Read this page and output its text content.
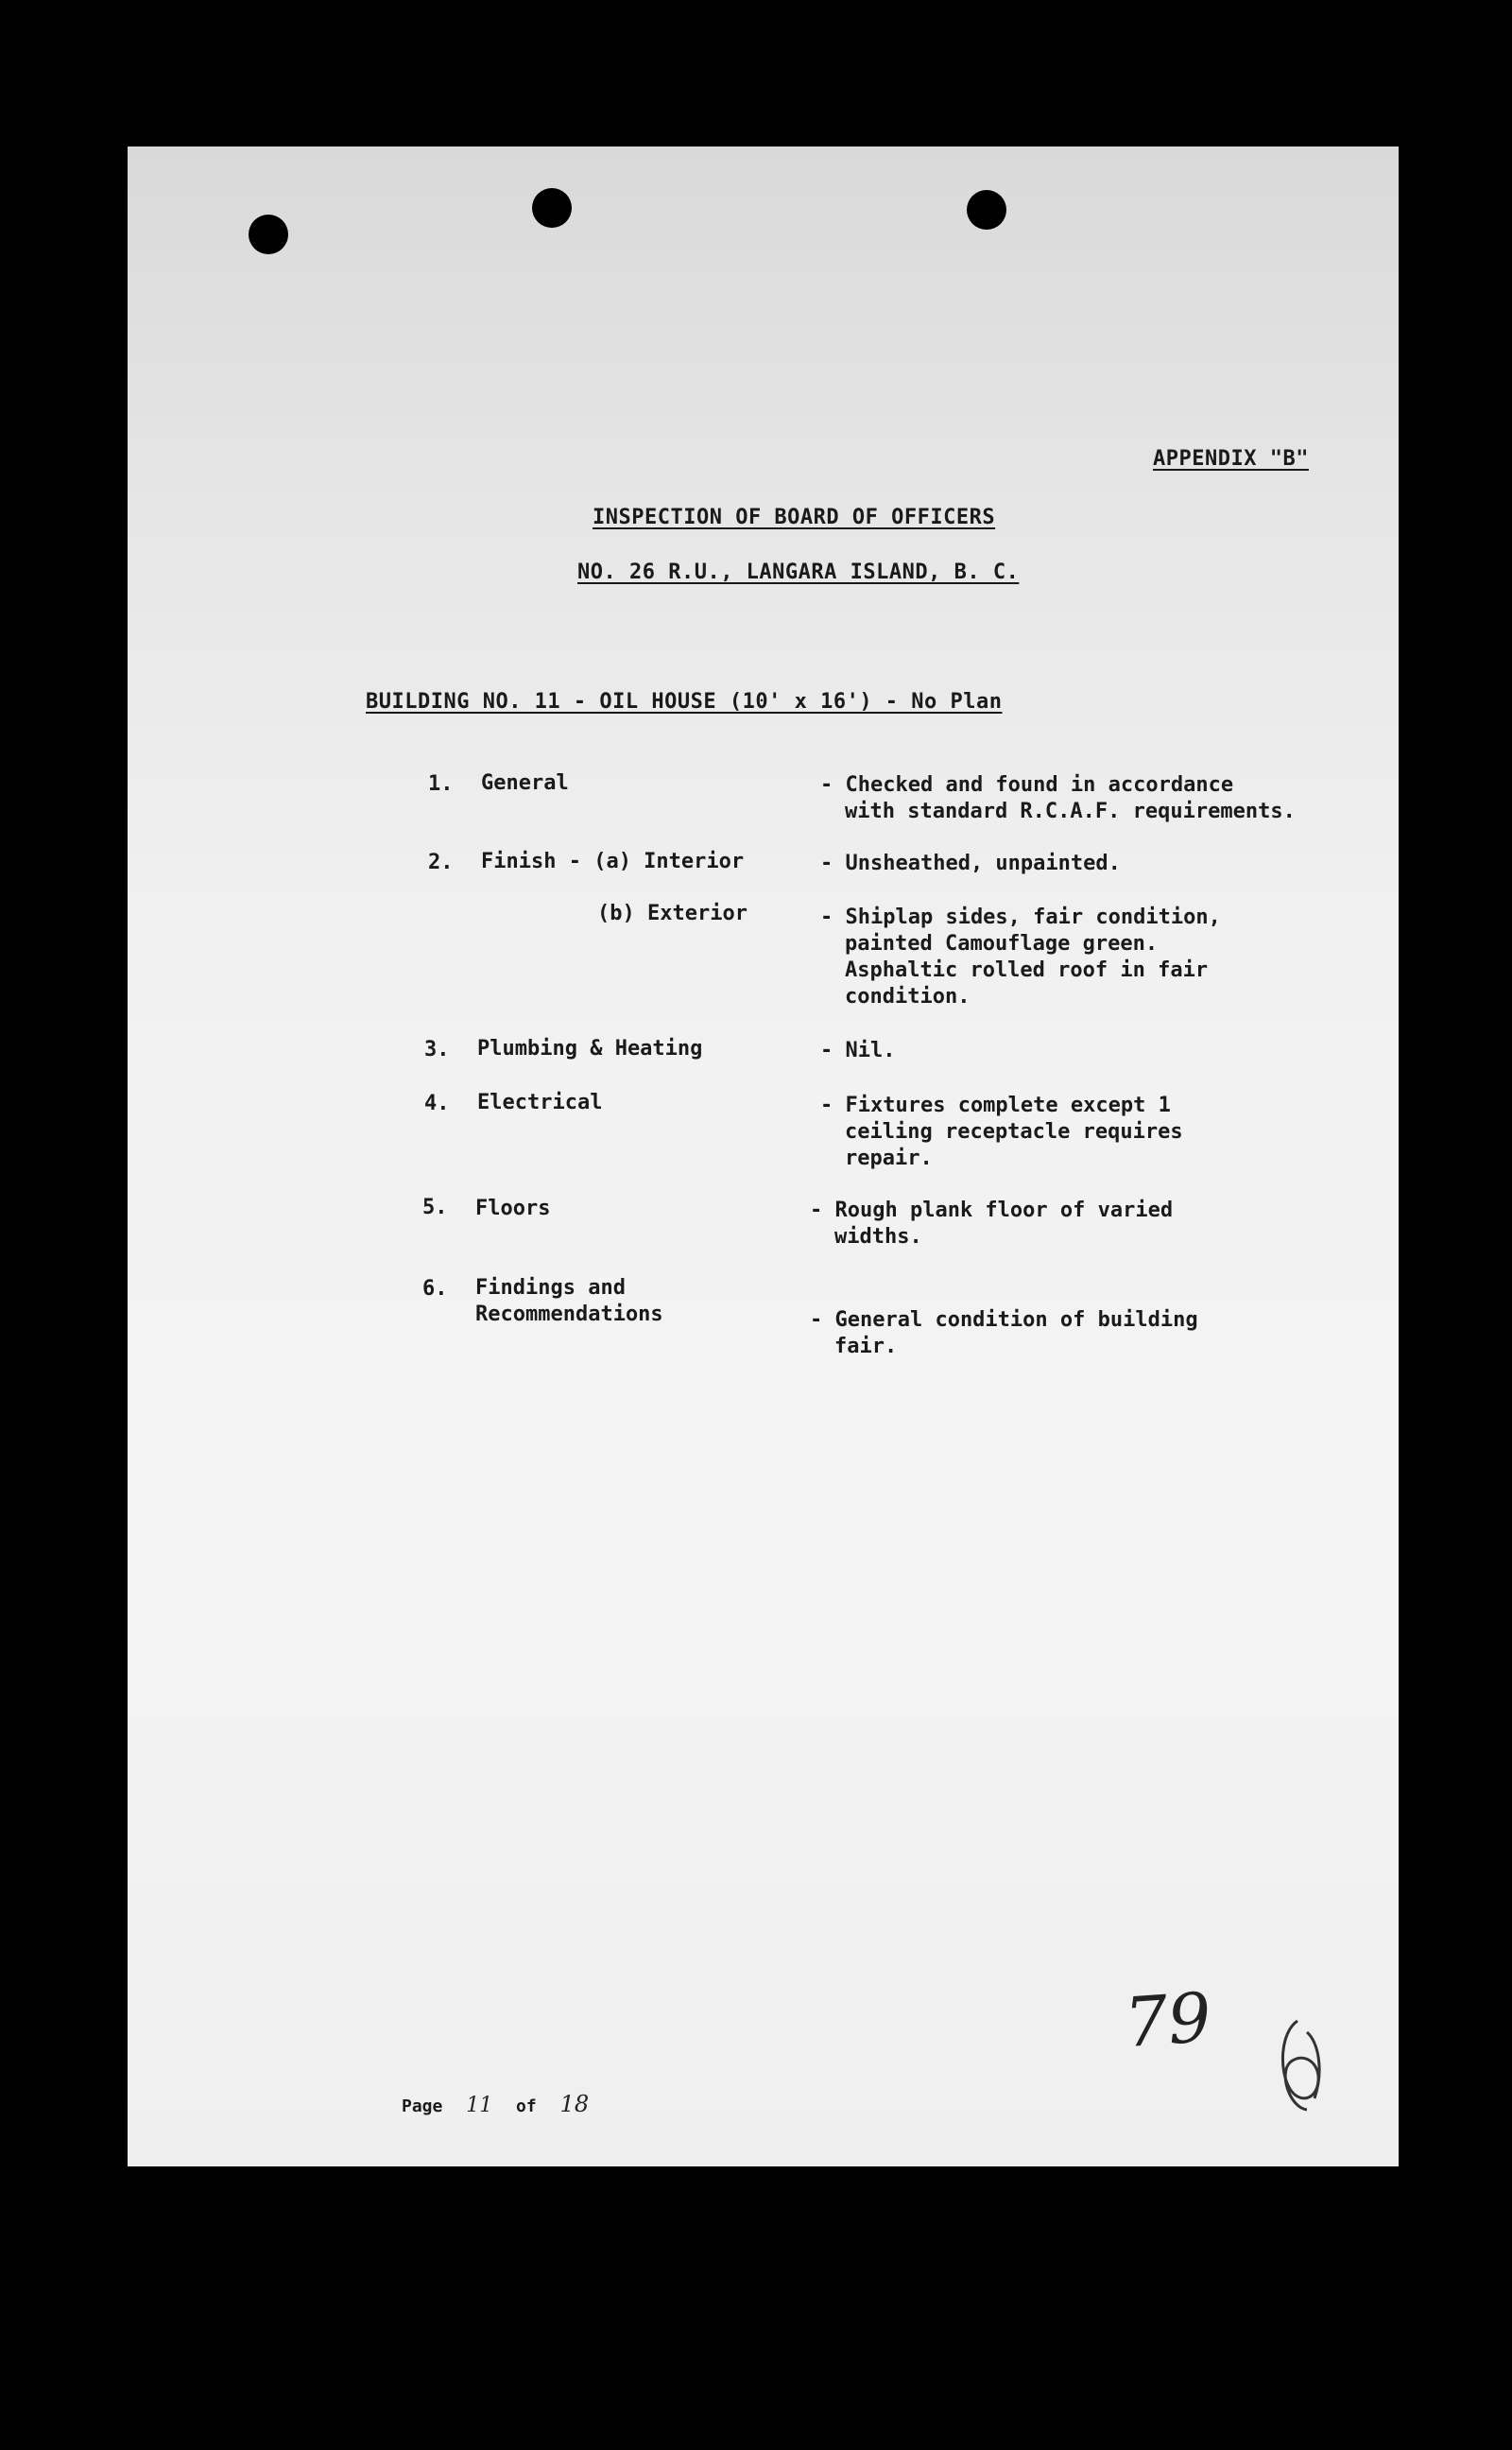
APPENDIX "B"
INSPECTION OF BOARD OF OFFICERS
NO. 26 R.U., LANGARA ISLAND, B. C.
BUILDING NO. 11 - OIL HOUSE (10' x 16') - No Plan
1. General	- Checked and found in accordance
with standard R.C.A.F. requirements.
2. Finish - (a) Interior	- Unsheathed, unpainted.
(b) Exterior	- Shiplap sides, fair condition,
painted Camouflage green.
Asphaltic rolled roof in fair
condition.
3. Plumbing & Heating	- Nil.
4. Electrical	- Fixtures complete except 1
ceiling receptacle requires
repair.
5. Floors	- Rough plank floor of varied
widths.
6. Findings and
Recommendations	- General condition of building
fair.
79
Page 11 of 18
